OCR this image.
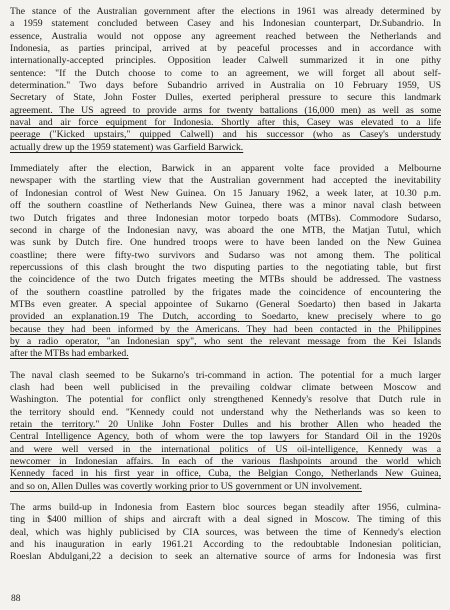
The stance of the Australian government after the elections in 1961 was already determined by
a 1959 statement concluded between Casey and his Indonesian counterpart, Dr.Subandrio. In
essence, Australia would not oppose any agreement reached between the Netherlands and
Indonesia, as parties principal, arrived at by peaceful processes and in accordance with
internationally-accepted principles. Opposition leader Calwell summarized it in one pithy
sentence: "If the Dutch choose to come to an agreement, we will forget all about self-
determination." Two days before Subandrio arrived in Australia on 10 February 1959, US
Secretary of State, John Foster Dulles, exerted peripheral pressure to secure this landmark
agreement. The US agreed to provide arms for twenty battalions (16,000 men) as well as some
naval and air force equipment for Indonesia. Shortly after this, Casey was elevated to a life
peerage ("Kicked upstairs," quipped Calwell) and his successor (who as Casey's understudy
actually drew up the 1959 statement) was Garfield Barwick.
Immediately after the election, Barwick in an apparent volte face provided a Melbourne
newspaper with the startling view that the Australian government had accepted the inevitability
of Indonesian control of West New Guinea. On 15 January 1962, a week later, at 10.30 p.m.
off the southern coastline of Netherlands New Guinea, there was a minor naval clash between
two Dutch frigates and three Indonesian motor torpedo boats (MTBs). Commodore Sudarso,
second in charge of the Indonesian navy, was aboard the one MTB, the Matjan Tutul, which
was sunk by Dutch fire. One hundred troops were to have been landed on the New Guinea
coastline; there were fifty-two survivors and Sudarso was not among them. The political
repercussions of this clash brought the two disputing parties to the negotiating table, but first
the coincidence of the two Dutch frigates meeting the MTBs should be addressed. The vastness
of the southern coastline patrolled by the frigates made the coincidence of encountering the
MTBs even greater. A special appointee of Sukarno (General Soedarto) then based in Jakarta
provided an explanation.19 The Dutch, according to Soedarto, knew precisely where to go
because they had been informed by the Americans. They had been contacted in the Philippines
by a radio operator, "an Indonesian spy", who sent the relevant message from the Kei Islands
after the MTBs had embarked.
The naval clash seemed to be Sukarno's tri-command in action. The potential for a much larger
clash had been well publicised in the prevailing coldwar climate between Moscow and
Washington. The potential for conflict only strengthened Kennedy's resolve that Dutch rule in
the territory should end. "Kennedy could not understand why the Netherlands was so keen to
retain the territory." 20 Unlike John Foster Dulles and his brother Allen who headed the
Central Intelligence Agency, both of whom were the top lawyers for Standard Oil in the 1920s
and were well versed in the international politics of US oil-intelligence, Kennedy was a
newcomer in Indonesian affairs. In each of the various flashpoints around the world which
Kennedy faced in his first year in office, Cuba, the Belgian Congo, Netherlands New Guinea,
and so on, Allen Dulles was covertly working prior to US government or UN involvement.
The arms build-up in Indonesia from Eastern bloc sources began steadily after 1956, culmina-
ting in $400 million of ships and aircraft with a deal signed in Moscow. The timing of this
deal, which was highly publicised by CIA sources, was between the time of Kennedy's election
and his inauguration in early 1961.21 According to the redoubtable Indonesian politician,
Roeslan Abdulgani,22 a decision to seek an alternative source of arms for Indonesia was first
88
